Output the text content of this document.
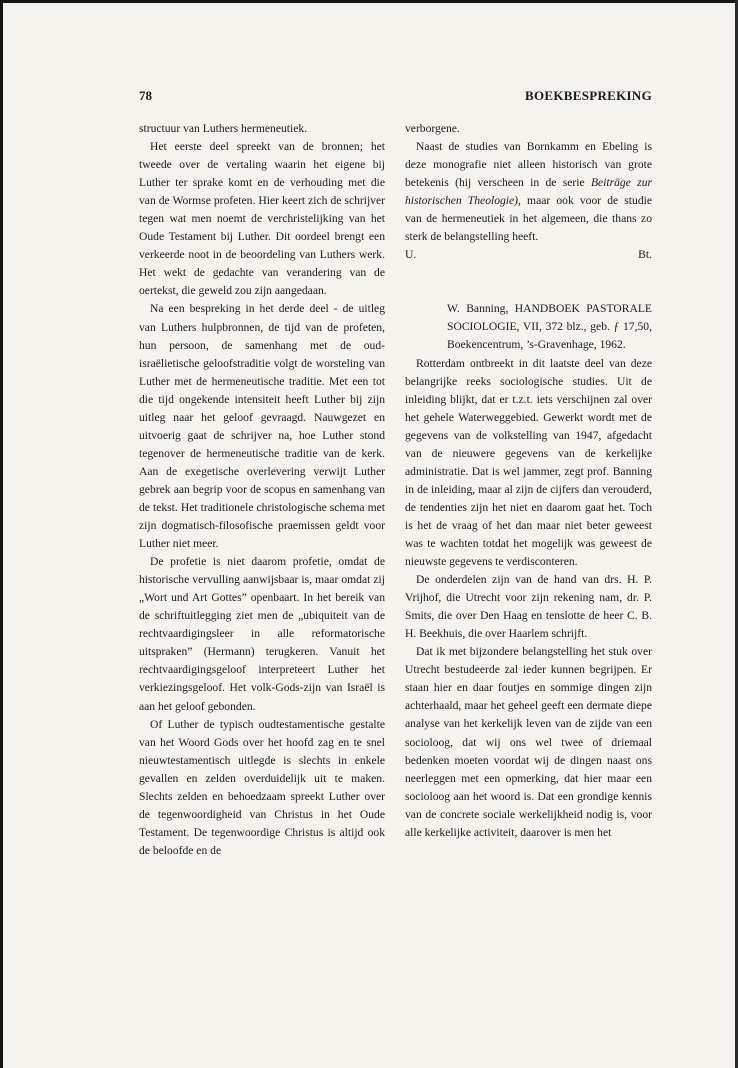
78	BOEKBESPREKING

structuur van Luthers hermeneutiek.

Het eerste deel spreekt van de bronnen; het tweede over de vertaling waarin het eigene bij Luther ter sprake komt en de verhouding met die van de Wormse profeten. Hier keert zich de schrijver tegen wat men noemt de verchristelijking van het Oude Testament bij Luther. Dit oordeel brengt een verkeerde noot in de beoordeling van Luthers werk. Het wekt de gedachte van verandering van de oertekst, die geweld zou zijn aangedaan.

Na een bespreking in het derde deel - de uitleg van Luthers hulpbronnen, de tijd van de profeten, hun persoon, de samenhang met de oud-israëlietische geloofstraditie volgt de worsteling van Luther met de hermeneutische traditie. Met een tot die tijd ongekende intensiteit heeft Luther bij zijn uitleg naar het geloof gevraagd. Nauwgezet en uitvoerig gaat de schrijver na, hoe Luther stond tegenover de hermeneutische traditie van de kerk. Aan de exegetische overlevering verwijt Luther gebrek aan begrip voor de scopus en samenhang van de tekst. Het traditionele christologische schema met zijn dogmatisch-filosofische praemissen geldt voor Luther niet meer.

De profetie is niet daarom profetie, omdat de historische vervulling aanwijsbaar is, maar omdat zij „Wort und Art Gottes” openbaart. In het bereik van de schriftuitlegging ziet men de „ubiquiteit van de rechtvaardigingsleer in alle reformatorische uitspraken” (Hermann) terugkeren. Vanuit het rechtvaardigingsgeloof interpreteert Luther het verkiezingsgeloof. Het volk-Gods-zijn van Israël is aan het geloof gebonden.

Of Luther de typisch oudtestamentische gestalte van het Woord Gods over het hoofd zag en te snel nieuwtestamentisch uitlegde is slechts in enkele gevallen en zelden overduidelijk uit te maken. Slechts zelden en behoedzaam spreekt Luther over de tegenwoordigheid van Christus in het Oude Testament. De tegenwoordige Christus is altijd ook de beloofde en de

verborgene.

Naast de studies van Bornkamm en Ebeling is deze monografie niet alleen historisch van grote betekenis (hij verscheen in de serie Beiträge zur historischen Theologie), maar ook voor de studie van de hermeneutiek in het algemeen, die thans zo sterk de belangstelling heeft.

U.	Bt.

W. Banning, HANDBOEK PASTORALE SOCIOLOGIE, VII, 372 blz., geb. ƒ 17,50, Boekencentrum, ’s-Gravenhage, 1962.

Rotterdam ontbreekt in dit laatste deel van deze belangrijke reeks sociologische studies. Uit de inleiding blijkt, dat er t.z.t. iets verschijnen zal over het gehele Waterweggebied. Gewerkt wordt met de gegevens van de volkstelling van 1947, afgedacht van de nieuwere gegevens van de kerkelijke administratie. Dat is wel jammer, zegt prof. Banning in de inleiding, maar al zijn de cijfers dan verouderd, de tendenties zijn het niet en daarom gaat het. Toch is het de vraag of het dan maar niet beter geweest was te wachten totdat het mogelijk was geweest de nieuwste gegevens te verdisconteren.

De onderdelen zijn van de hand van drs. H. P. Vrijhof, die Utrecht voor zijn rekening nam, dr. P. Smits, die over Den Haag en tenslotte de heer C. B. H. Beekhuis, die over Haarlem schrijft.

Dat ik met bijzondere belangstelling het stuk over Utrecht bestudeerde zal ieder kunnen begrijpen. Er staan hier en daar foutjes en sommige dingen zijn achterhaald, maar het geheel geeft een dermate diepe analyse van het kerkelijk leven van de zijde van een socioloog, dat wij ons wel twee of driemaal bedenken moeten voordat wij de dingen naast ons neerleggen met een opmerking, dat hier maar een socioloog aan het woord is. Dat een grondige kennis van de concrete sociale werkelijkheid nodig is, voor alle kerkelijke activiteit, daarover is men het
